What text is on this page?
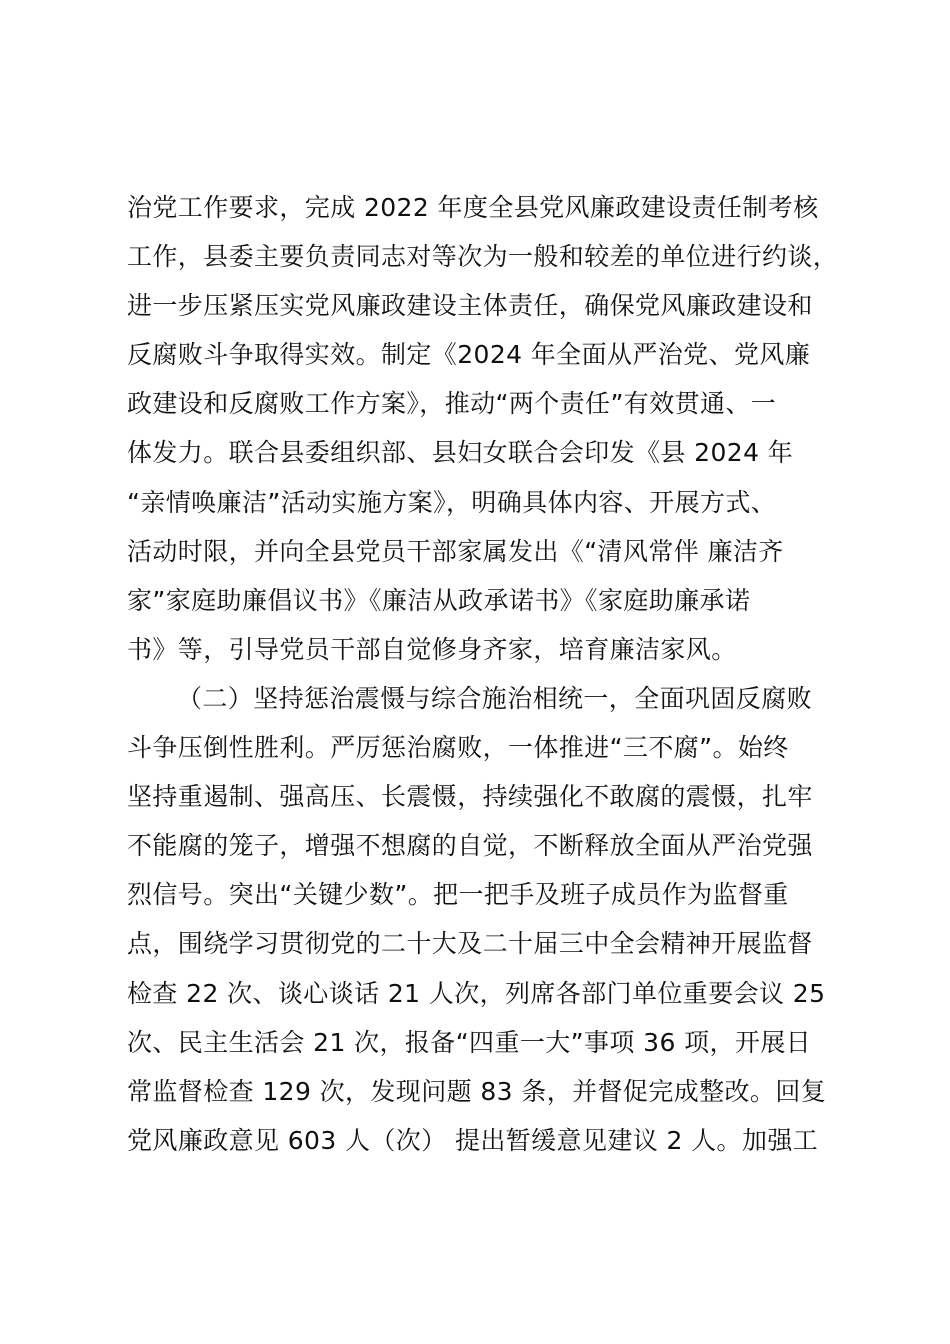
治党工作要求，完成 2022 年度全县党风廉政建设责任制考核
工作，县委主要负责同志对等次为一般和较差的单位进行约谈，
进一步压紧压实党风廉政建设主体责任，确保党风廉政建设和
反腐败斗争取得实效。制定《2024 年全面从严治党、党风廉
政建设和反腐败工作方案》，推动“两个责任”有效贯通、一
体发力。联合县委组织部、县妇女联合会印发《县 2024 年
“亲情唤廉洁”活动实施方案》，明确具体内容、开展方式、
活动时限，并向全县党员干部家属发出《“清风常伴 廉洁齐
家”家庭助廉倡议书》《廉洁从政承诺书》《家庭助廉承诺
书》等，引导党员干部自觉修身齐家，培育廉洁家风。
（二）坚持惩治震慑与综合施治相统一，全面巩固反腐败
斗争压倒性胜利。严厉惩治腐败，一体推进“三不腐”。始终
坚持重遏制、强高压、长震慑，持续强化不敢腐的震慑，扎牢
不能腐的笼子，增强不想腐的自觉，不断释放全面从严治党强
烈信号。突出“关键少数”。把一把手及班子成员作为监督重
点，围绕学习贯彻党的二十大及二十届三中全会精神开展监督
检查 22 次、谈心谈话 21 人次，列席各部门单位重要会议 25
次、民主生活会 21 次，报备“四重一大”事项 36 项，开展日
常监督检查 129 次，发现问题 83 条，并督促完成整改。回复
党风廉政意见 603 人（次） 提出暂缓意见建议 2 人。加强工
